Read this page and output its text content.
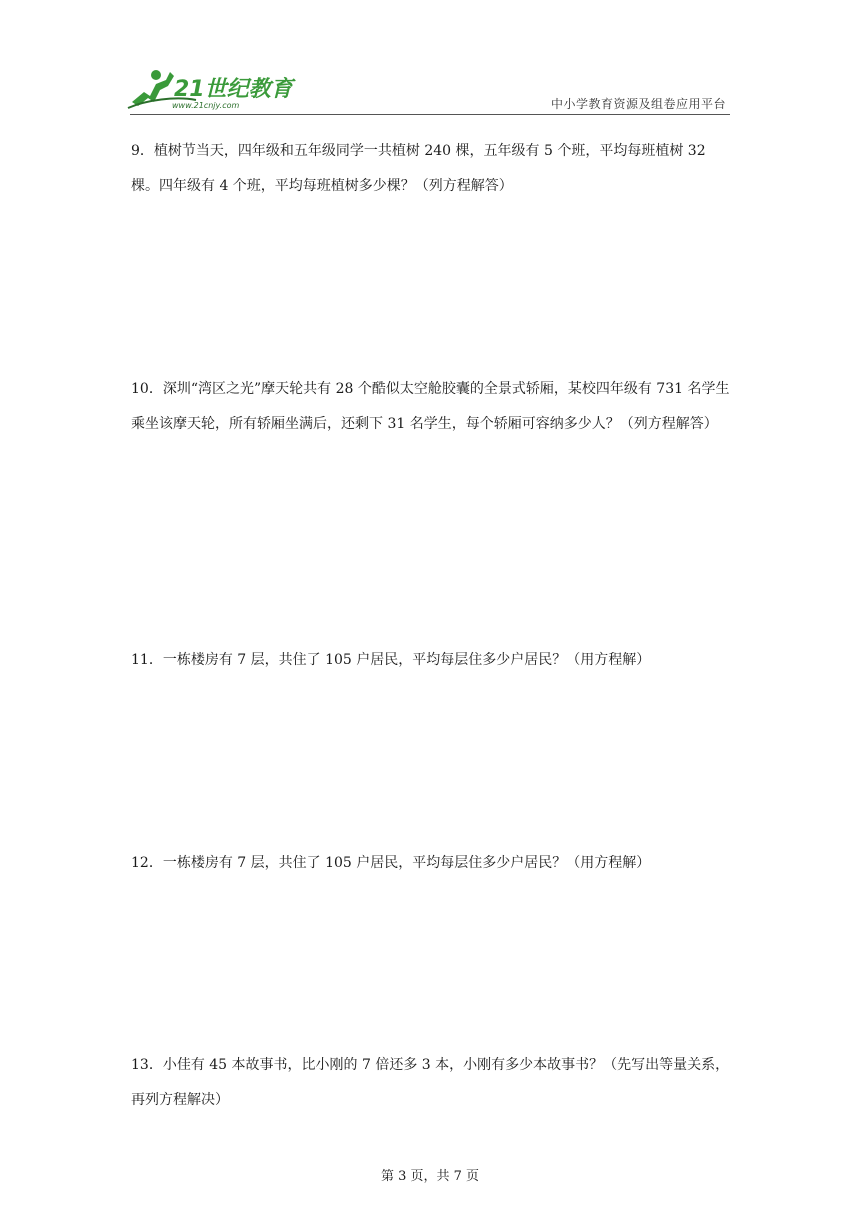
21世纪教育
www.21cnjy.com	中小学教育资源及组卷应用平台
9．植树节当天，四年级和五年级同学一共植树 240 棵，五年级有 5 个班，平均每班植树 32 棵。四年级有 4 个班，平均每班植树多少棵？（列方程解答）
10．深圳“湾区之光”摩天轮共有 28 个酷似太空舱胶囊的全景式轿厢，某校四年级有 731 名学生乘坐该摩天轮，所有轿厢坐满后，还剩下 31 名学生，每个轿厢可容纳多少人？（列方程解答）
11．一栋楼房有 7 层，共住了 105 户居民，平均每层住多少户居民？（用方程解）
12．一栋楼房有 7 层，共住了 105 户居民，平均每层住多少户居民？（用方程解）
13．小佳有 45 本故事书，比小刚的 7 倍还多 3 本，小刚有多少本故事书？（先写出等量关系，再列方程解决）
第 3 页，共 7 页
